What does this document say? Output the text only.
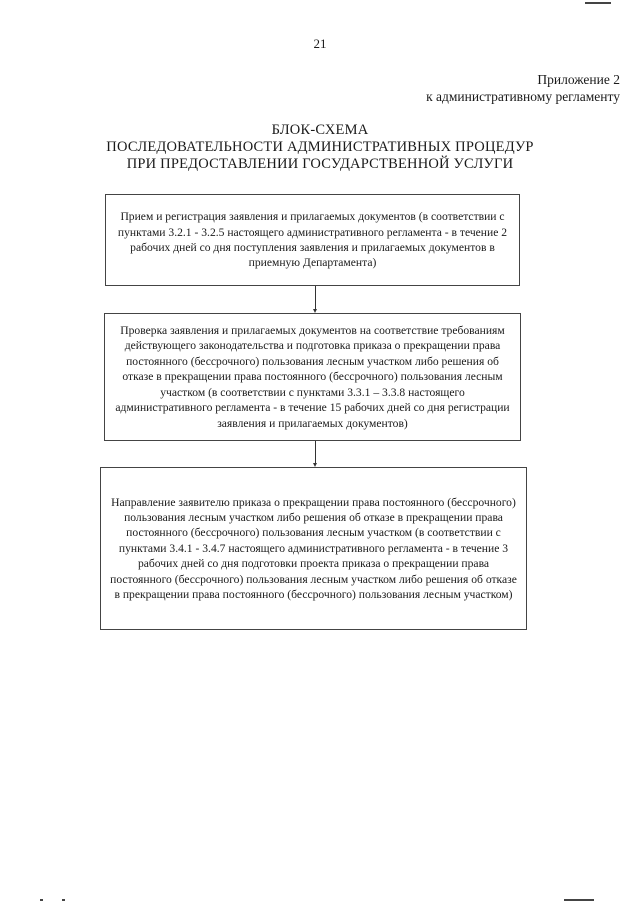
21
Приложение 2
к административному регламенту
БЛОК-СХЕМА
ПОСЛЕДОВАТЕЛЬНОСТИ АДМИНИСТРАТИВНЫХ ПРОЦЕДУР
ПРИ ПРЕДОСТАВЛЕНИИ ГОСУДАРСТВЕННОЙ УСЛУГИ
Прием и регистрация заявления и прилагаемых документов (в соответствии с пунктами 3.2.1 - 3.2.5 настоящего административного регламента - в течение 2 рабочих дней со дня поступления заявления и прилагаемых документов в приемную Департамента)
Проверка заявления и прилагаемых документов на соответствие требованиям действующего законодательства и подготовка приказа о прекращении права постоянного (бессрочного) пользования лесным участком либо решения об отказе в прекращении права постоянного (бессрочного) пользования лесным участком (в соответствии с пунктами 3.3.1 – 3.3.8 настоящего административного регламента - в течение 15 рабочих дней со дня регистрации заявления и прилагаемых документов)
Направление заявителю приказа о прекращении права постоянного (бессрочного) пользования лесным участком либо решения об отказе в прекращении права постоянного (бессрочного) пользования лесным участком (в соответствии с пунктами 3.4.1 - 3.4.7 настоящего административного регламента - в течение 3 рабочих дней со дня подготовки проекта приказа о прекращении права постоянного (бессрочного) пользования лесным участком либо решения об отказе в прекращении права постоянного (бессрочного) пользования лесным участком)
